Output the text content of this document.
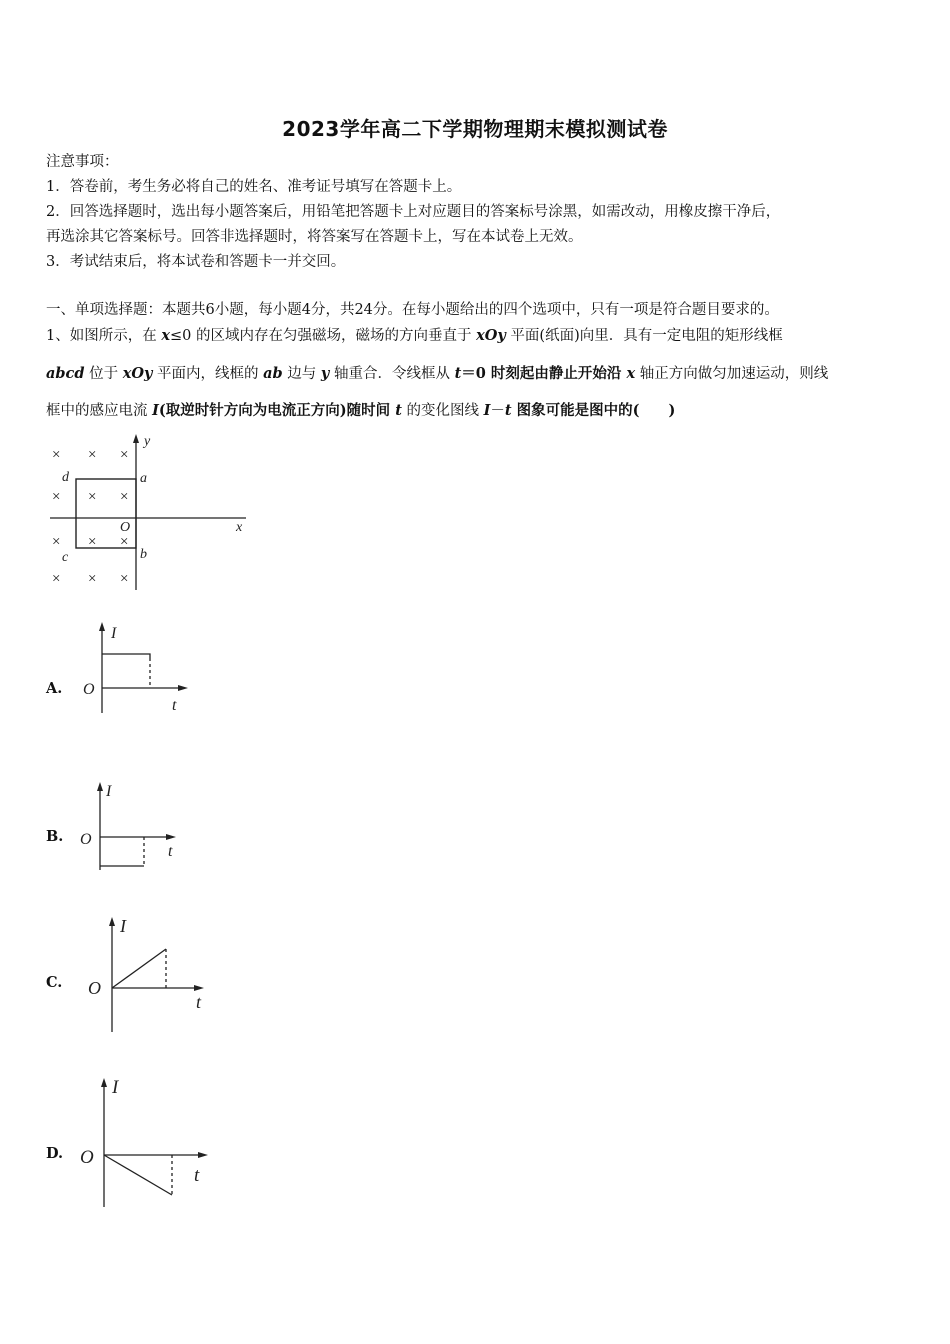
2023学年高二下学期物理期末模拟测试卷
注意事项：
1．答卷前，考生务必将自己的姓名、准考证号填写在答题卡上。
2．回答选择题时，选出每小题答案后，用铅笔把答题卡上对应题目的答案标号涂黑，如需改动，用橡皮擦干净后，
再选涂其它答案标号。回答非选择题时，将答案写在答题卡上，写在本试卷上无效。
3．考试结束后，将本试卷和答题卡一并交回。
一、单项选择题：本题共6小题，每小题4分，共24分。在每小题给出的四个选项中，只有一项是符合题目要求的。
1、如图所示，在 x≤0 的区域内存在匀强磁场，磁场的方向垂直于 xOy 平面(纸面)向里．具有一定电阻的矩形线框
abcd 位于 xOy 平面内，线框的 ab 边与 y 轴重合．令线框从 t＝0 时刻起由静止开始沿 x 轴正方向做匀加速运动，则线
框中的感应电流 I(取逆时针方向为电流正方向)随时间 t 的变化图线 I－t 图象可能是图中的(　　)
× × ×
× × ×
× × ×
× × ×
y
d	a
O	x
c	b
A.
I
O
t
B.
I
O
t
C.
I
O
t
D.
I
O
t
